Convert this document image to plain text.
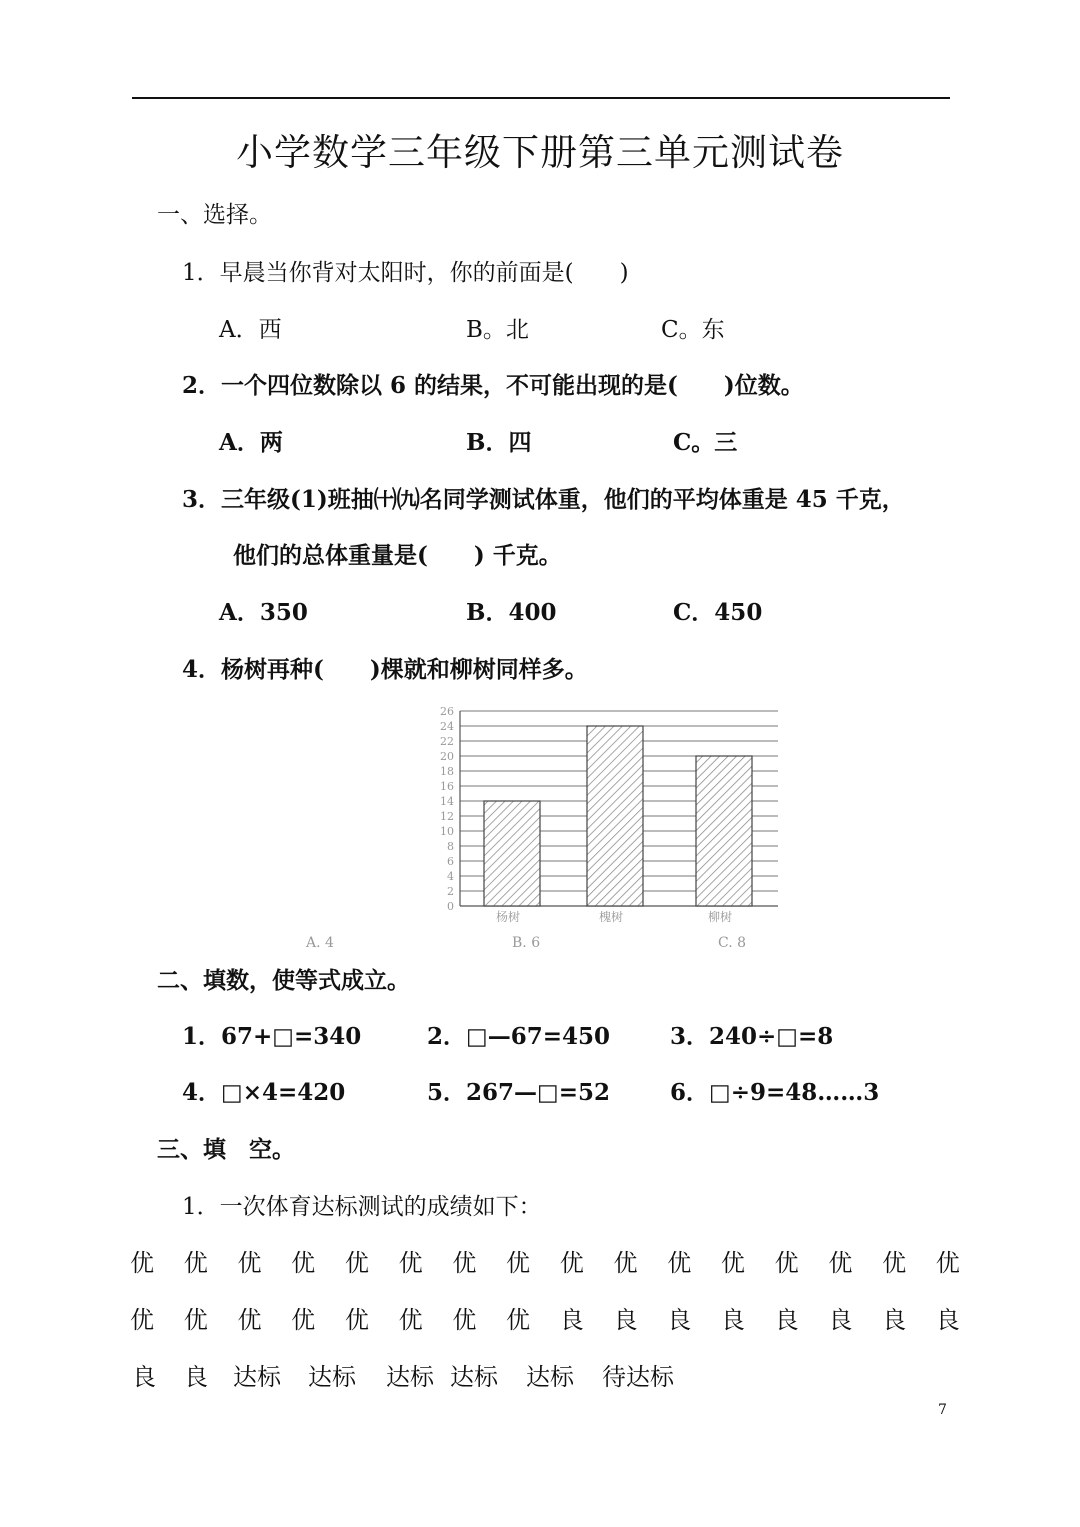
小学数学三年级下册第三单元测试卷
一、选择。
1．早晨当你背对太阳时，你的前面是(　　)
A．西	B。北	C。东
2．一个四位数除以 6 的结果，不可能出现的是(　　)位数。
A．两	B．四	C。三
3．三年级(1)班抽㈩㈨名同学测试体重，他们的平均体重是 45 千克，
他们的总体重量是(　　) 千克。
A．350	B．400	C．450
4．杨树再种(　　)棵就和柳树同样多。
0
2
4
6
8
10
12
14
16
18
20
22
24
26
杨树	槐树	柳树
A. 4	B. 6	C. 8
二、填数，使等式成立。
1．67+□=340	2．□—67=450	3．240÷□=8
4．□×4=420	5．267—□=52	6．□÷9=48……3
三、填　空。
1．一次体育达标测试的成绩如下：
优 优 优 优 优 优 优 优 优 优 优 优 优 优 优 优
优 优 优 优 优 优 优 优 良 良 良 良 良 良 良 良
良 良 达标 达标 达标 达标 达标 待达标
7
